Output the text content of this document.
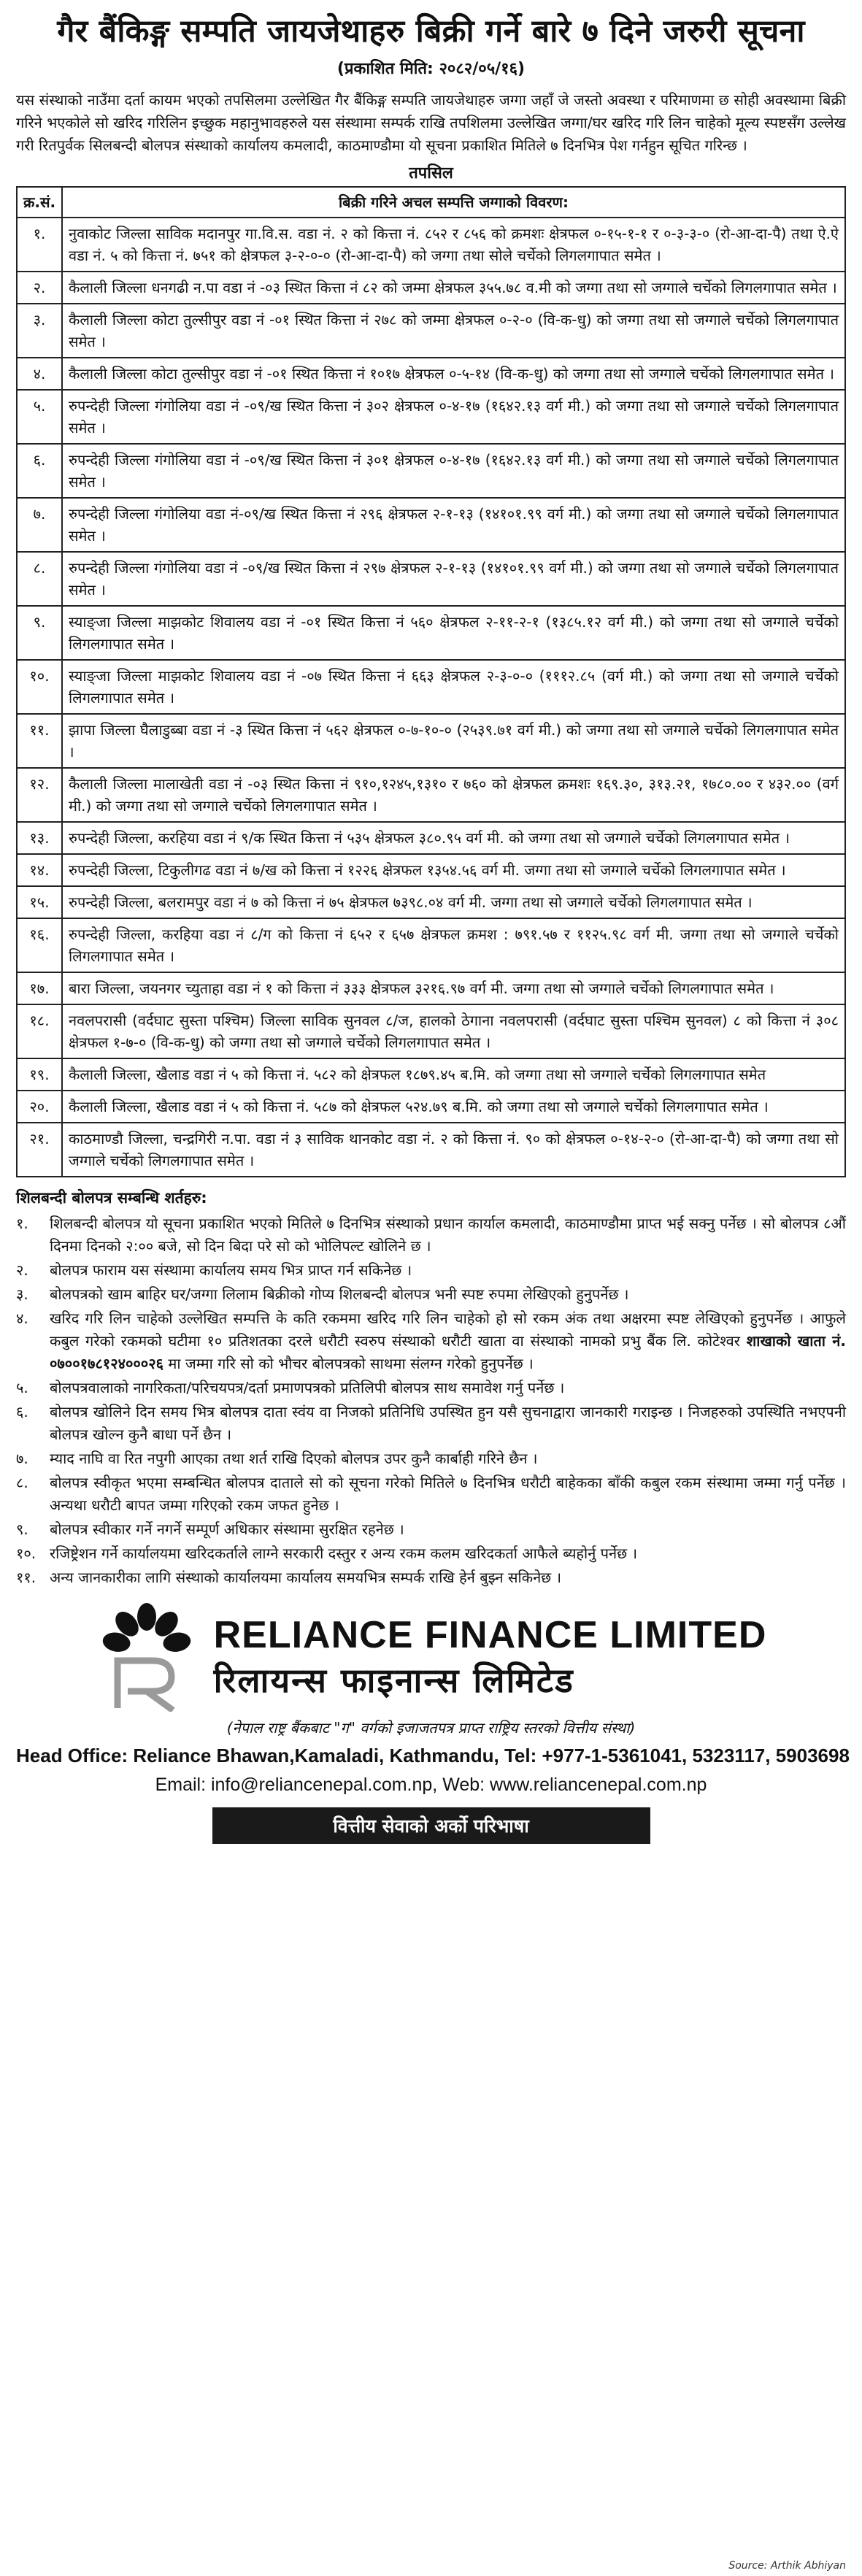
गैर बैंकिङ्ग सम्पति जायजेथाहरु बिक्री गर्ने बारे ७ दिने जरुरी सूचना
(प्रकाशित मिति: २०८२/०५/१६)
यस संस्थाको नाउँमा दर्ता कायम भएको तपसिलमा उल्लेखित गैर बैंकिङ्ग सम्पति जायजेथाहरु जग्गा जहाँ जे जस्तो अवस्था र परिमाणमा छ सोही अवस्थामा बिक्री गरिने भएकोले सो खरिद गरिलिन इच्छुक महानुभावहरुले यस संस्थामा सम्पर्क राखि तपशिलमा उल्लेखित जग्गा/घर खरिद गरि लिन चाहेको मूल्य स्पष्टसँग उल्लेख गरी रितपुर्वक सिलबन्दी बोलपत्र संस्थाको कार्यालय कमलादी, काठमाण्डौमा यो सूचना प्रकाशित मितिले ७ दिनभित्र पेश गर्नहुन सूचित गरिन्छ ।
तपसिल
क्र.सं.	बिक्री गरिने अचल सम्पत्ति जग्गाको विवरण:
१.	नुवाकोट जिल्ला साविक मदानपुर गा.वि.स. वडा नं. २ को कित्ता नं. ८५२ र ८५६ को क्रमशः क्षेत्रफल ०-१५-१-१ र ०-३-३-० (रो-आ-दा-पै) तथा ऐ.ऐ वडा नं. ५ को कित्ता नं. ७५१ को क्षेत्रफल ३-२-०-० (रो-आ-दा-पै) को जग्गा तथा सोले चर्चेको लिगलगापात समेत ।
२.	कैलाली जिल्ला धनगढी न.पा वडा नं -०३ स्थित कित्ता नं ८२ को जम्मा क्षेत्रफल ३५५.७८ व.मी को जग्गा तथा सो जग्गाले चर्चेको लिगलगापात समेत ।
३.	कैलाली जिल्ला कोटा तुल्सीपुर वडा नं -०१ स्थित कित्ता नं २७८ को जम्मा क्षेत्रफल ०-२-० (वि-क-धु) को जग्गा तथा सो जग्गाले चर्चेको लिगलगापात समेत ।
४.	कैलाली जिल्ला कोटा तुल्सीपुर वडा नं -०१ स्थित कित्ता नं १०१७ क्षेत्रफल ०-५-१४ (वि-क-धु) को जग्गा तथा सो जग्गाले चर्चेको लिगलगापात समेत ।
५.	रुपन्देही जिल्ला गंगोलिया वडा नं -०९/ख स्थित कित्ता नं ३०२ क्षेत्रफल ०-४-१७ (१६४२.१३ वर्ग मी.) को जग्गा तथा सो जग्गाले चर्चेको लिगलगापात समेत ।
६.	रुपन्देही जिल्ला गंगोलिया वडा नं -०९/ख स्थित कित्ता नं ३०१ क्षेत्रफल ०-४-१७ (१६४२.१३ वर्ग मी.) को जग्गा तथा सो जग्गाले चर्चेको लिगलगापात समेत ।
७.	रुपन्देही जिल्ला गंगोलिया वडा नं-०९/ख स्थित कित्ता नं २९६ क्षेत्रफल २-१-१३ (१४१०१.९९ वर्ग मी.) को जग्गा तथा सो जग्गाले चर्चेको लिगलगापात समेत ।
८.	रुपन्देही जिल्ला गंगोलिया वडा नं -०९/ख स्थित कित्ता नं २९७ क्षेत्रफल २-१-१३ (१४१०१.९९ वर्ग मी.) को जग्गा तथा सो जग्गाले चर्चेको लिगलगापात समेत ।
९.	स्याङ्जा जिल्ला माझकोट शिवालय वडा नं -०१ स्थित कित्ता नं ५६० क्षेत्रफल २-११-२-१ (१३८५.१२ वर्ग मी.) को जग्गा तथा सो जग्गाले चर्चेको लिगलगापात समेत ।
१०.	स्याङ्जा जिल्ला माझकोट शिवालय वडा नं -०७ स्थित कित्ता नं ६६३ क्षेत्रफल २-३-०-० (१११२.८५ (वर्ग मी.) को जग्गा तथा सो जग्गाले चर्चेको लिगलगापात समेत ।
११.	झापा जिल्ला घैलाडुब्बा वडा नं -३ स्थित कित्ता नं ५६२ क्षेत्रफल ०-७-१०-० (२५३९.७१ वर्ग मी.) को जग्गा तथा सो जग्गाले चर्चेको लिगलगापात समेत ।
१२.	कैलाली जिल्ला मालाखेती वडा नं -०३ स्थित कित्ता नं ९१०,१२४५,१३१० र ७६० को क्षेत्रफल क्रमशः १६९.३०, ३१३.२१, १७८०.०० र ४३२.०० (वर्ग मी.) को जग्गा तथा सो जग्गाले चर्चेको लिगलगापात समेत ।
१३.	रुपन्देही जिल्ला, करहिया वडा नं ९/क स्थित कित्ता नं ५३५ क्षेत्रफल ३८०.९५ वर्ग मी. को जग्गा तथा सो जग्गाले चर्चेको लिगलगापात समेत ।
१४.	रुपन्देही जिल्ला, टिकुलीगढ वडा नं ७/ख को कित्ता नं १२२६ क्षेत्रफल १३५४.५६ वर्ग मी. जग्गा तथा सो जग्गाले चर्चेको लिगलगापात समेत ।
१५.	रुपन्देही जिल्ला, बलरामपुर वडा नं ७ को कित्ता नं ७५ क्षेत्रफल ७३९८.०४ वर्ग मी. जग्गा तथा सो जग्गाले चर्चेको लिगलगापात समेत ।
१६.	रुपन्देही जिल्ला, करहिया वडा नं ८/ग को कित्ता नं ६५२ र ६५७ क्षेत्रफल क्रमश : ७९१.५७ र ११२५.९८ वर्ग मी. जग्गा तथा सो जग्गाले चर्चेको लिगलगापात समेत ।
१७.	बारा जिल्ला, जयनगर च्युताहा वडा नं १ को कित्ता नं ३३३ क्षेत्रफल ३२१६.९७ वर्ग मी. जग्गा तथा सो जग्गाले चर्चेको लिगलगापात समेत ।
१८.	नवलपरासी (वर्दघाट सुस्ता पश्चिम) जिल्ला साविक सुनवल ८/ज, हालको ठेगाना नवलपरासी (वर्दघाट सुस्ता पश्चिम सुनवल) ८ को कित्ता नं ३०८ क्षेत्रफल १-७-० (वि-क-धु) को जग्गा तथा सो जग्गाले चर्चेको लिगलगापात समेत ।
१९.	कैलाली जिल्ला, खैलाड वडा नं ५ को कित्ता नं. ५८२ को क्षेत्रफल १८७९.४५ ब.मि. को जग्गा तथा सो जग्गाले चर्चेको लिगलगापात समेत
२०.	कैलाली जिल्ला, खैलाड वडा नं ५ को कित्ता नं. ५८७ को क्षेत्रफल ५२४.७९ ब.मि. को जग्गा तथा सो जग्गाले चर्चेको लिगलगापात समेत ।
२१.	काठमाण्डौ जिल्ला, चन्द्रगिरी न.पा. वडा नं ३ साविक थानकोट वडा नं. २ को कित्ता नं. ९० को क्षेत्रफल ०-१४-२-० (रो-आ-दा-पै) को जग्गा तथा सो जग्गाले चर्चेको लिगलगापात समेत ।
शिलबन्दी बोलपत्र सम्बन्धि शर्तहरु:
१.	शिलबन्दी बोलपत्र यो सूचना प्रकाशित भएको मितिले ७ दिनभित्र संस्थाको प्रधान कार्याल कमलादी, काठमाण्डौमा प्राप्त भई सक्नु पर्नेछ । सो बोलपत्र ८औं दिनमा दिनको २:०० बजे, सो दिन बिदा परे सो को भोलिपल्ट खोलिने छ ।
२.	बोलपत्र फाराम यस संस्थामा कार्यालय समय भित्र प्राप्त गर्न सकिनेछ ।
३.	बोलपत्रको खाम बाहिर घर/जग्गा लिलाम बिक्रीको गोप्य शिलबन्दी बोलपत्र भनी स्पष्ट रुपमा लेखिएको हुनुपर्नेछ ।
४.	खरिद गरि लिन चाहेको उल्लेखित सम्पत्ति के कति रकममा खरिद गरि लिन चाहेको हो सो रकम अंक तथा अक्षरमा स्पष्ट लेखिएको हुनुपर्नेछ । आफुले कबुल गरेको रकमको घटीमा १० प्रतिशतका दरले धरौटी स्वरुप संस्थाको धरौटी खाता वा संस्थाको नामको प्रभु बैंक लि. कोटेश्वर शाखाको खाता नं. ०७००१७८१२४०००२६ मा जम्मा गरि सो को भौचर बोलपत्रको साथमा संलग्न गरेको हुनुपर्नेछ ।
५.	बोलपत्रवालाको नागरिकता/परिचयपत्र/दर्ता प्रमाणपत्रको प्रतिलिपी बोलपत्र साथ समावेश गर्नु पर्नेछ ।
६.	बोलपत्र खोलिने दिन समय भित्र बोलपत्र दाता स्वंय वा निजको प्रतिनिधि उपस्थित हुन यसै सुचनाद्वारा जानकारी गराइन्छ । निजहरुको उपस्थिति नभएपनी बोलपत्र खोल्न कुनै बाधा पर्ने छैन ।
७.	म्याद नाघि वा रित नपुगी आएका तथा शर्त राखि दिएको बोलपत्र उपर कुनै कार्बाही गरिने छैन ।
८.	बोलपत्र स्वीकृत भएमा सम्बन्धित बोलपत्र दाताले सो को सूचना गरेको मितिले ७ दिनभित्र धरौटी बाहेकका बाँकी कबुल रकम संस्थामा जम्मा गर्नु पर्नेछ । अन्यथा धरौटी बापत जम्मा गरिएको रकम जफत हुनेछ ।
९.	बोलपत्र स्वीकार गर्ने नगर्ने सम्पूर्ण अधिकार संस्थामा सुरक्षित रहनेछ ।
१०. रजिष्ट्रेशन गर्ने कार्यालयमा खरिदकर्ताले लाग्ने सरकारी दस्तुर र अन्य रकम कलम खरिदकर्ता आफैले ब्यहोर्नु पर्नेछ ।
११. अन्य जानकारीका लागि संस्थाको कार्यालयमा कार्यालय समयभित्र सम्पर्क राखि हेर्न बुझ्न सकिनेछ ।
RELIANCE FINANCE LIMITED
रिलायन्स फाइनान्स लिमिटेड
(नेपाल राष्ट्र बैंकबाट "ग" वर्गको इजाजतपत्र प्राप्त राष्ट्रिय स्तरको वित्तीय संस्था)
Head Office: Reliance Bhawan,Kamaladi, Kathmandu, Tel: +977-1-5361041, 5323117, 5903698
Email: info@reliancenepal.com.np, Web: www.reliancenepal.com.np
वित्तीय सेवाको अर्को परिभाषा
Source: Arthik Abhiyan
